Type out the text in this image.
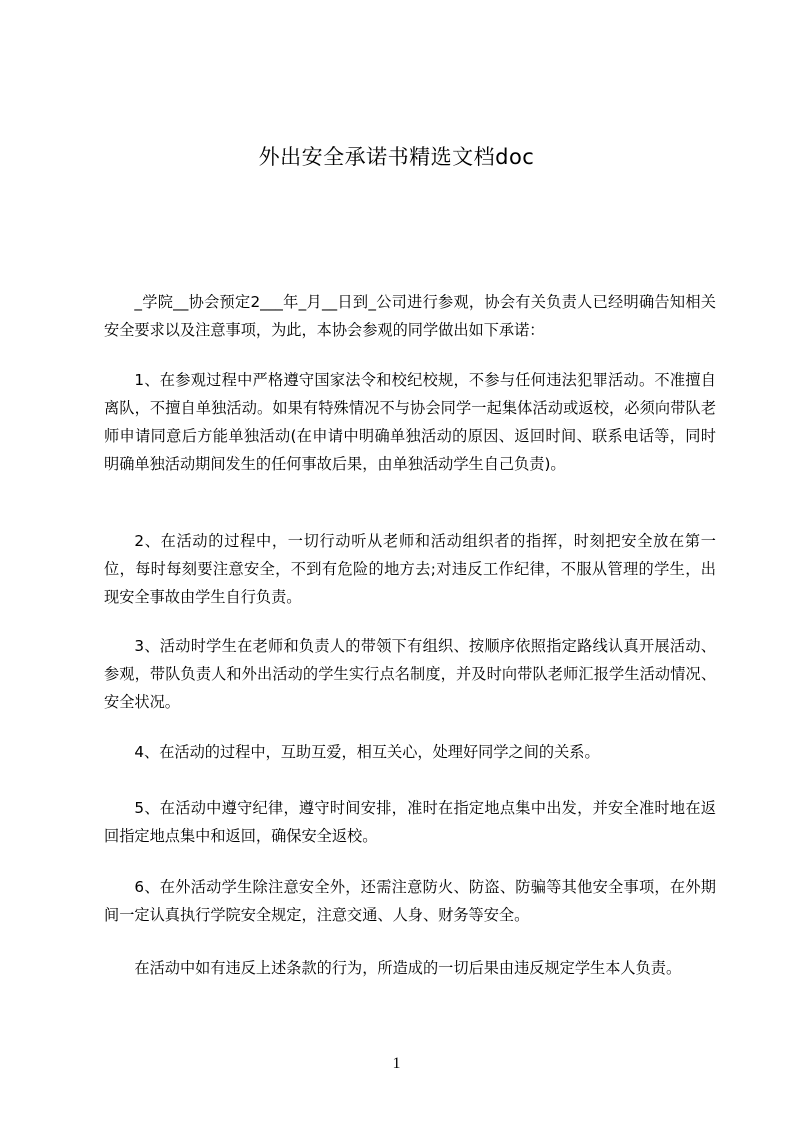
外出安全承诺书精选文档doc

_学院__协会预定2___年_月__日到_公司进行参观，协会有关负责人已经明确告知相关安全要求以及注意事项，为此，本协会参观的同学做出如下承诺：

1、在参观过程中严格遵守国家法令和校纪校规，不参与任何违法犯罪活动。不准擅自离队，不擅自单独活动。如果有特殊情况不与协会同学一起集体活动或返校，必须向带队老师申请同意后方能单独活动(在申请中明确单独活动的原因、返回时间、联系电话等，同时明确单独活动期间发生的任何事故后果，由单独活动学生自己负责)。

2、在活动的过程中，一切行动听从老师和活动组织者的指挥，时刻把安全放在第一位，每时每刻要注意安全，不到有危险的地方去;对违反工作纪律，不服从管理的学生，出现安全事故由学生自行负责。

3、活动时学生在老师和负责人的带领下有组织、按顺序依照指定路线认真开展活动、参观，带队负责人和外出活动的学生实行点名制度，并及时向带队老师汇报学生活动情况、安全状况。

4、在活动的过程中，互助互爱，相互关心，处理好同学之间的关系。

5、在活动中遵守纪律，遵守时间安排，准时在指定地点集中出发，并安全准时地在返回指定地点集中和返回，确保安全返校。

6、在外活动学生除注意安全外，还需注意防火、防盗、防骗等其他安全事项，在外期间一定认真执行学院安全规定，注意交通、人身、财务等安全。

在活动中如有违反上述条款的行为，所造成的一切后果由违反规定学生本人负责。

1
